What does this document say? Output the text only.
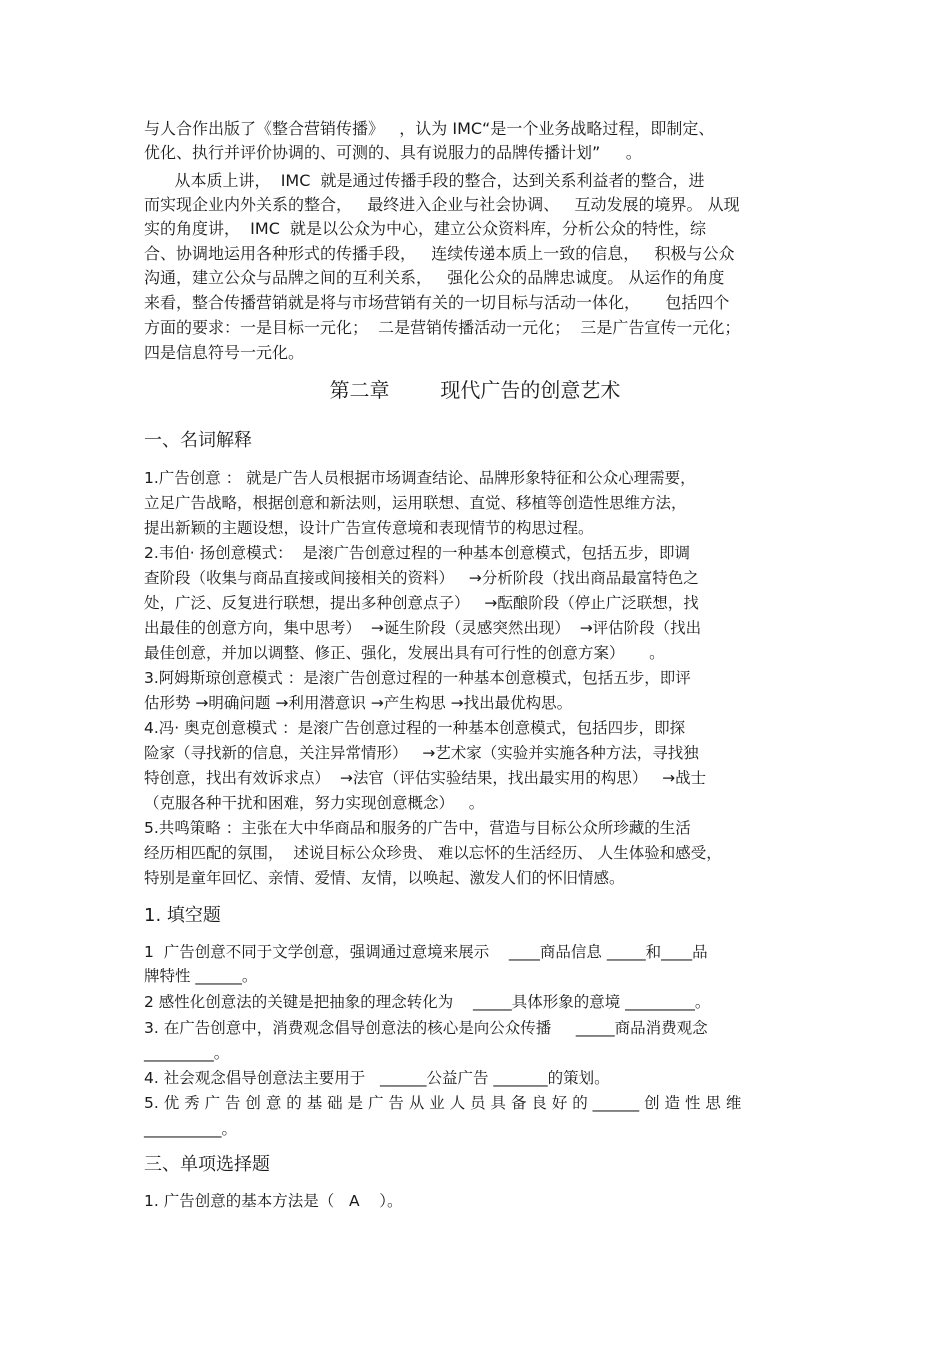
与人合作出版了《整合营销传播》   ，认为 IMC“是一个业务战略过程，即制定、
优化、执行并评价协调的、可测的、具有说服力的品牌传播计划”     。
从本质上讲，  IMC  就是通过传播手段的整合，达到关系利益者的整合，进
而实现企业内外关系的整合，   最终进入企业与社会协调、   互动发展的境界。 从现
实的角度讲，  IMC  就是以公众为中心，建立公众资料库，分析公众的特性，综
合、协调地运用各种形式的传播手段，   连续传递本质上一致的信息，   积极与公众
沟通，建立公众与品牌之间的互利关系，   强化公众的品牌忠诚度。 从运作的角度
来看，整合传播营销就是将与市场营销有关的一切目标与活动一体化，     包括四个
方面的要求：一是目标一元化；  二是营销传播活动一元化；  三是广告宣传一元化；
四是信息符号一元化。
第二章        现代广告的创意艺术
一、名词解释
1.广告创意 ： 就是广告人员根据市场调查结论、品牌形象特征和公众心理需要，
立足广告战略，根据创意和新法则，运用联想、直觉、移植等创造性思维方法，
提出新颖的主题设想，设计广告宣传意境和表现情节的构思过程。
2.韦伯· 扬创意模式：  是滚广告创意过程的一种基本创意模式，包括五步，即调
查阶段（收集与商品直接或间接相关的资料）   →分析阶段（找出商品最富特色之
处，广泛、反复进行联想，提出多种创意点子）   →酝酿阶段（停止广泛联想，找
出最佳的创意方向，集中思考）  →诞生阶段（灵感突然出现）  →评估阶段（找出
最佳创意，并加以调整、修正、强化，发展出具有可行性的创意方案）     。
3.阿姆斯琼创意模式 ：是滚广告创意过程的一种基本创意模式，包括五步，即评
估形势 →明确问题 →利用潜意识 →产生构思 →找出最优构思。
4.冯· 奥克创意模式 ：是滚广告创意过程的一种基本创意模式，包括四步，即探
险家（寻找新的信息，关注异常情形）   →艺术家（实验并实施各种方法，寻找独
特创意，找出有效诉求点）  →法官（评估实验结果，找出最实用的构思）   →战士
（克服各种干扰和困难，努力实现创意概念）   。
5.共鸣策略 ：主张在大中华商品和服务的广告中，营造与目标公众所珍藏的生活
经历相匹配的氛围，  述说目标公众珍贵、 难以忘怀的生活经历、 人生体验和感受，
特别是童年回忆、亲情、爱情、友情，以唤起、激发人们的怀旧情感。
1. 填空题
1  广告创意不同于文学创意，强调通过意境来展示    ____商品信息 _____和____品
牌特性 ______。
2 感性化创意法的关键是把抽象的理念转化为    _____具体形象的意境 _________。
3. 在广告创意中，消费观念倡导创意法的核心是向公众传播     _____商品消费观念
_________。
4. 社会观念倡导创意法主要用于   ______公益广告 _______的策划。
5. 优 秀 广 告 创 意 的 基 础 是 广 告 从 业 人 员 具 备 良 好 的 ______ 创 造 性 思 维
__________。
三、单项选择题
1. 广告创意的基本方法是（   A    ）。
